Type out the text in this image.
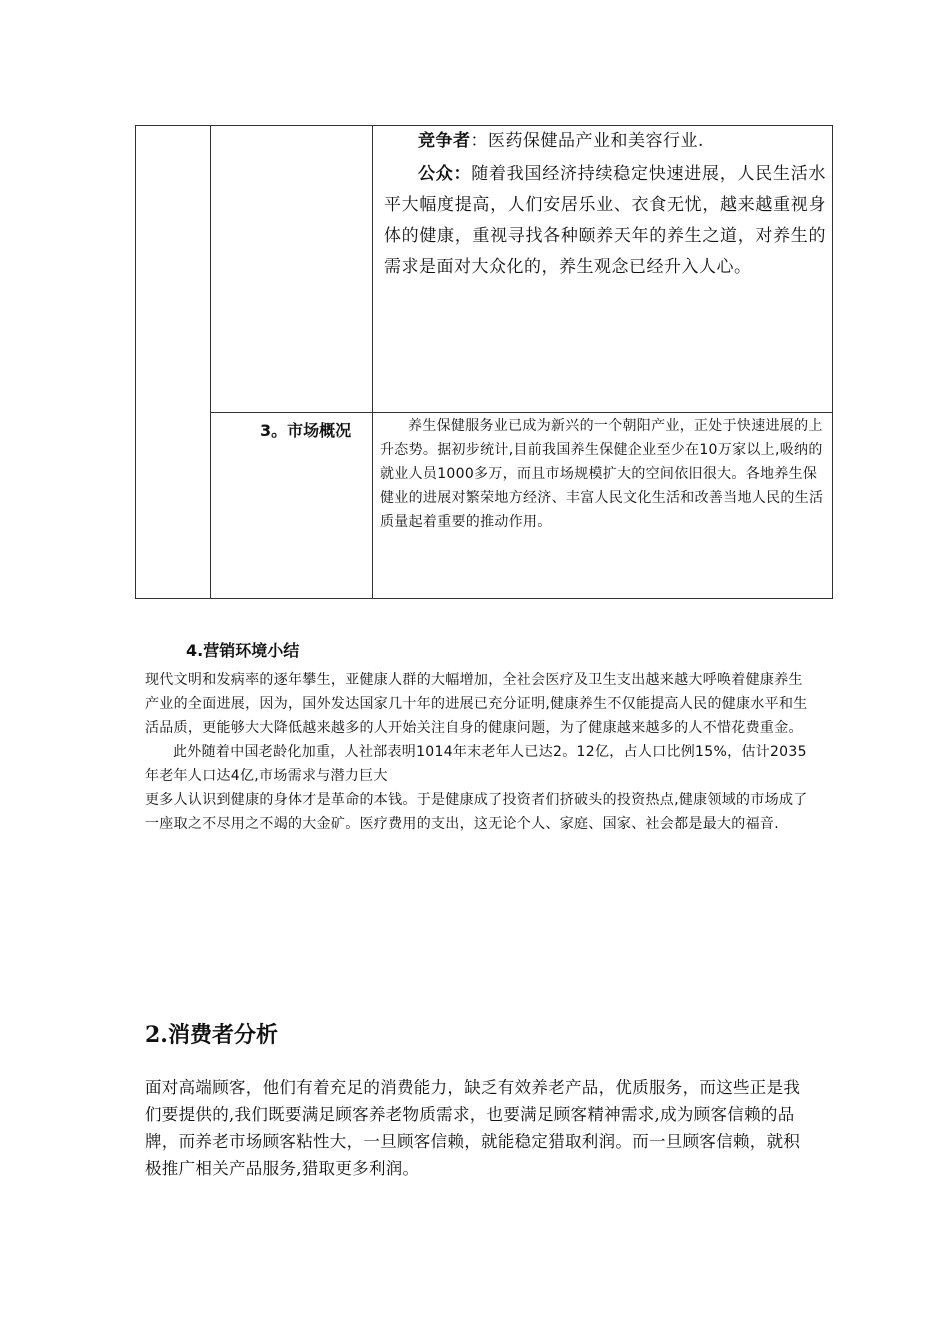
竞争者：医药保健品产业和美容行业.

公众：随着我国经济持续稳定快速进展，人民生活水平大幅度提高，人们安居乐业、衣食无忧，越来越重视身体的健康，重视寻找各种颐养天年的养生之道，对养生的需求是面对大众化的，养生观念已经升入人心。

3。市场概况	养生保健服务业已成为新兴的一个朝阳产业，正处于快速进展的上升态势。据初步统计,目前我国养生保健企业至少在10万家以上,吸纳的就业人员1000多万，而且市场规模扩大的空间依旧很大。各地养生保健业的进展对繁荣地方经济、丰富人民文化生活和改善当地人民的生活质量起着重要的推动作用。

4.营销环境小结

现代文明和发病率的逐年攀生，亚健康人群的大幅增加，全社会医疗及卫生支出越来越大呼唤着健康养生产业的全面进展，因为，国外发达国家几十年的进展已充分证明,健康养生不仅能提高人民的健康水平和生活品质，更能够大大降低越来越多的人开始关注自身的健康问题，为了健康越来越多的人不惜花费重金。

此外随着中国老龄化加重，人社部表明1014年末老年人已达2。12亿，占人口比例15%，估计2035年老年人口达4亿,市场需求与潜力巨大

更多人认识到健康的身体才是革命的本钱。于是健康成了投资者们挤破头的投资热点,健康领域的市场成了一座取之不尽用之不竭的大金矿。医疗费用的支出，这无论个人、家庭、国家、社会都是最大的福音.

2.消费者分析

面对高端顾客，他们有着充足的消费能力，缺乏有效养老产品，优质服务，而这些正是我们要提供的,我们既要满足顾客养老物质需求，也要满足顾客精神需求,成为顾客信赖的品牌，而养老市场顾客粘性大，一旦顾客信赖，就能稳定猎取利润。而一旦顾客信赖，就积极推广相关产品服务,猎取更多利润。
